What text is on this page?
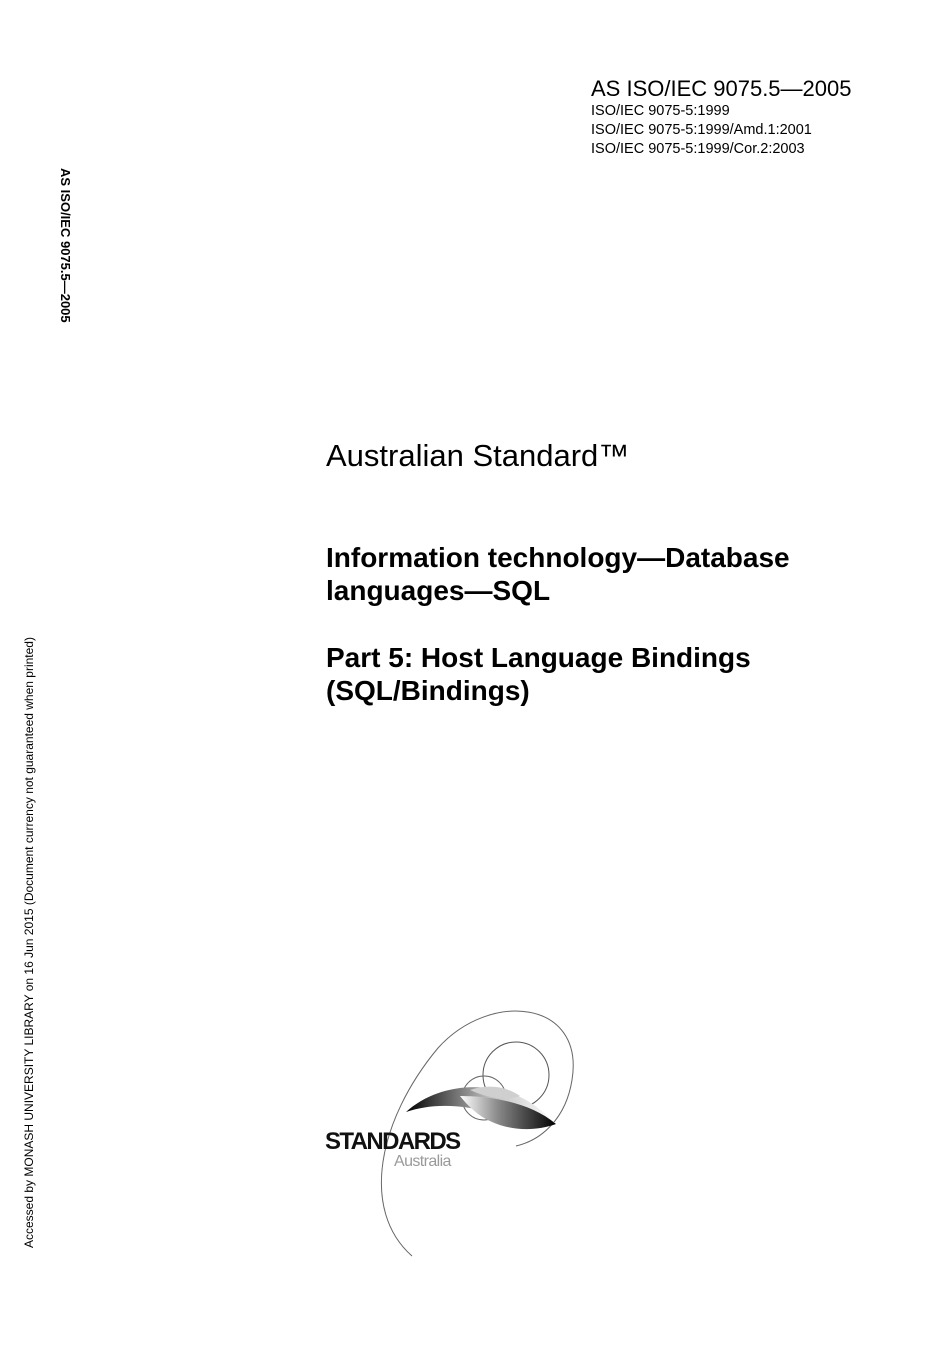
AS ISO/IEC 9075.5—2005
ISO/IEC 9075-5:1999
ISO/IEC 9075-5:1999/Amd.1:2001
ISO/IEC 9075-5:1999/Cor.2:2003
AS ISO/IEC 9075.5—2005
Accessed by MONASH UNIVERSITY LIBRARY on 16 Jun 2015 (Document currency not guaranteed when printed)
Australian Standard™
Information technology—Database
languages—SQL
Part 5: Host Language Bindings
(SQL/Bindings)
STANDARDS
Australia
